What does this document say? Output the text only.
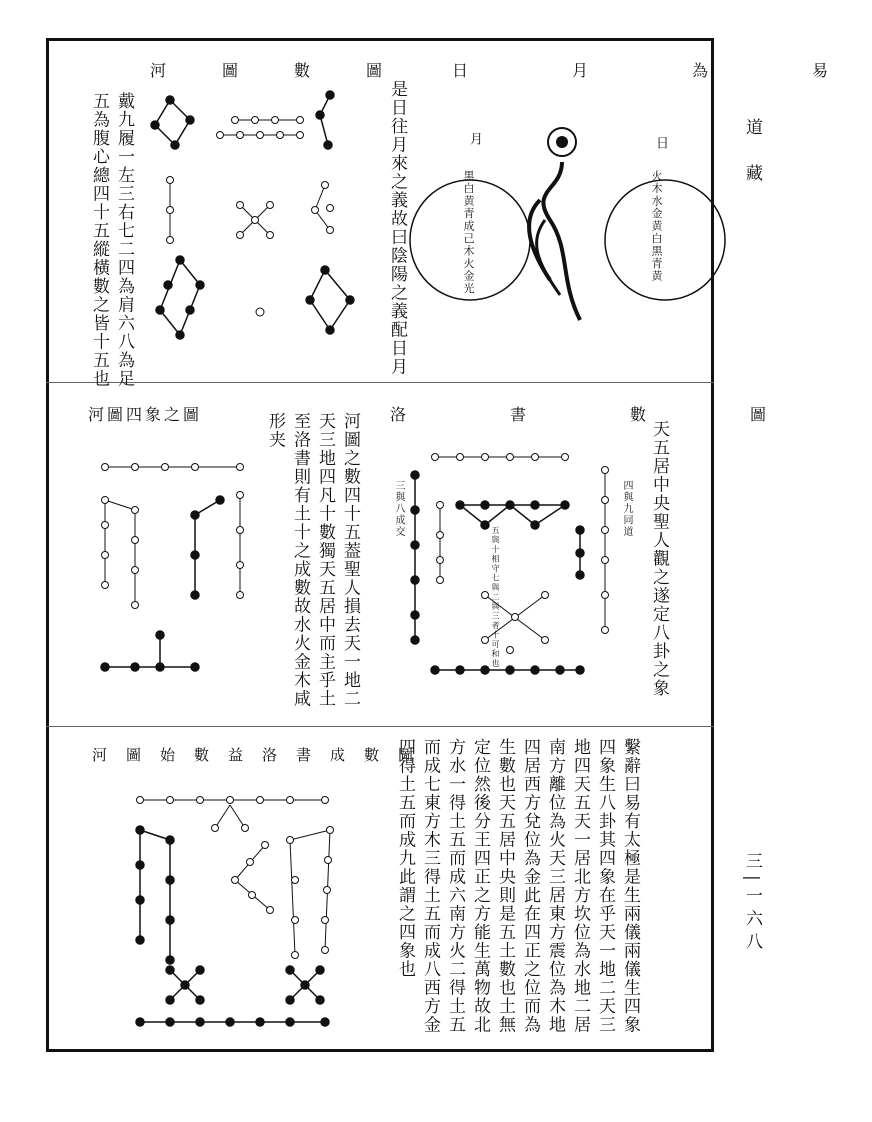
道　藏
三|一六八
河　圖　數　圖	日　月　為　易
戴九履一左三右七二四為肩六八為足
五為腹心總四十五縱橫數之皆十五也	是日往月來之義故曰陰陽之義配日月	月	日
黒白黄青成己木火金光	火木水金黄白黒青黄
河圖四象之圖	洛　書　數　圖
河圖之數四十五葢聖人損去天一地二
天三地四凡十數獨天五居中而主乎土
至洛書則有土十之成數故水火金木咸
形夹	天五居中央聖人觀之遂定八卦之象
三與八成交	四與九同道
五與十相守七與二與三者十可和也
河　圖　始　數　益　洛　書　成　數　圖	繫辭曰易有太極是生兩儀兩儀生四象
四象生八卦其四象在乎天一地二天三
地四天五天一居北方坎位為水地二居
南方離位為火天三居東方震位為木地
四居西方兌位為金此在四正之位而為
生數也天五居中央則是五土數也土無
定位然後分王四正之方能生萬物故北
方水一得土五而成六南方火二得土五
而成七東方木三得土五而成八西方金
四得土五而成九此謂之四象也
